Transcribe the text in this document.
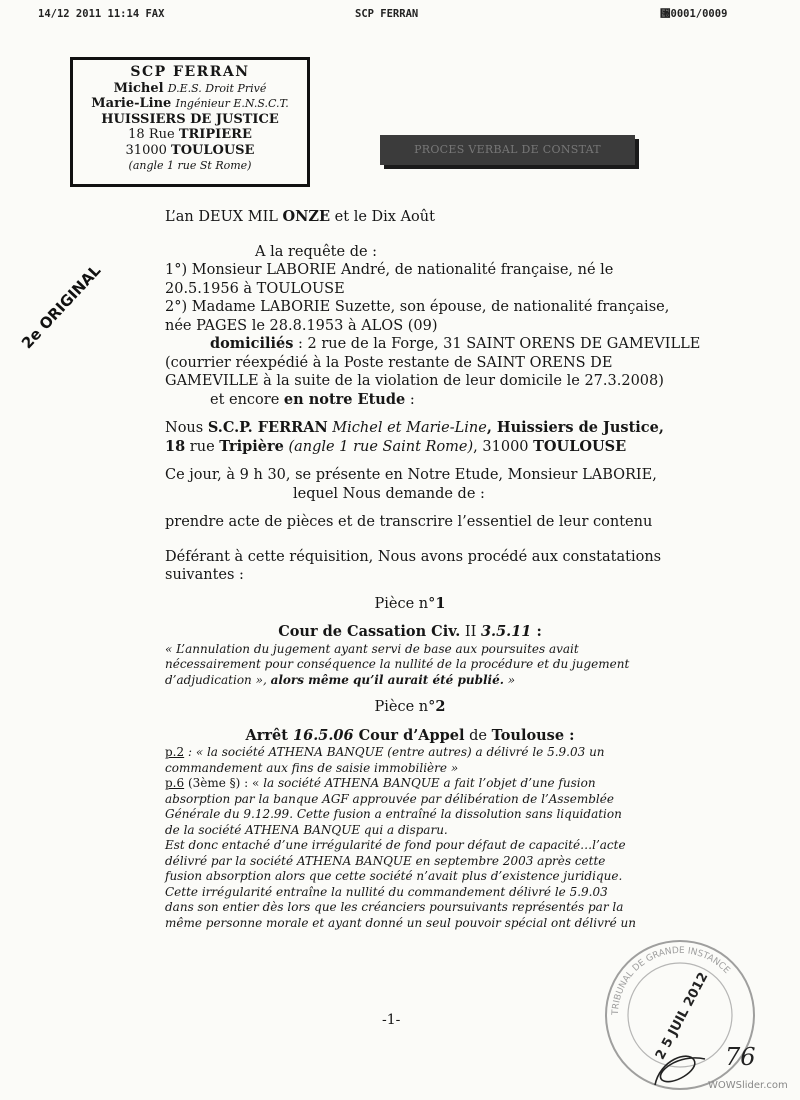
14/12 2011 11:14 FAX	SCP FERRAN	⑐0001/0009
SCP FERRAN
Michel D.E.S. Droit Privé
Marie-Line Ingénieur E.N.S.C.T.
HUISSIERS DE JUSTICE
18 Rue TRIPIERE
31000 TOULOUSE
(angle 1 rue St Rome)
PROCES VERBAL DE CONSTAT
2e ORIGINAL
L’an DEUX MIL ONZE et le Dix Août
A la requête de :
1°) Monsieur LABORIE André, de nationalité française, né le
20.5.1956 à TOULOUSE
2°) Madame LABORIE Suzette, son épouse, de nationalité française,
née PAGES le 28.8.1953 à ALOS (09)
domiciliés : 2 rue de la Forge, 31 SAINT ORENS DE GAMEVILLE
(courrier réexpédié à la Poste restante de SAINT ORENS DE
GAMEVILLE à la suite de la violation de leur domicile le 27.3.2008)
et encore en notre Etude :
Nous S.C.P. FERRAN Michel et Marie-Line, Huissiers de Justice,
18 rue Tripière (angle 1 rue Saint Rome), 31000 TOULOUSE
Ce jour, à 9 h 30, se présente en Notre Etude, Monsieur LABORIE,
lequel Nous demande de :
prendre acte de pièces et de transcrire l’essentiel de leur contenu
Déférant à cette réquisition, Nous avons procédé aux constatations
suivantes :
Pièce n°1
Cour de Cassation Civ. II 3.5.11 :
« L’annulation du jugement ayant servi de base aux poursuites avait
nécessairement pour conséquence la nullité de la procédure et du jugement
d’adjudication », alors même qu’il aurait été publié. »
Pièce n°2
Arrêt 16.5.06 Cour d’Appel de Toulouse :
p.2 : « la société ATHENA BANQUE (entre autres) a délivré le 5.9.03 un
commandement aux fins de saisie immobilière »
p.6 (3ème §) : « la société ATHENA BANQUE a fait l’objet d’une fusion
absorption par la banque AGF approuvée par délibération de l’Assemblée
Générale du 9.12.99. Cette fusion a entraîné la dissolution sans liquidation
de la société ATHENA BANQUE qui a disparu.
Est donc entaché d’une irrégularité de fond pour défaut de capacité…l’acte
délivré par la société ATHENA BANQUE en septembre 2003 après cette
fusion absorption alors que cette société n’avait plus d’existence juridique.
Cette irrégularité entraîne la nullité du commandement délivré le 5.9.03
dans son entier dès lors que les créanciers poursuivants représentés par la
même personne morale et ayant donné un seul pouvoir spécial ont délivré un
TRIBUNAL DE GRANDE INSTANCE
2 5 JUIL 2012
-1-
76
WOWSlider.com
